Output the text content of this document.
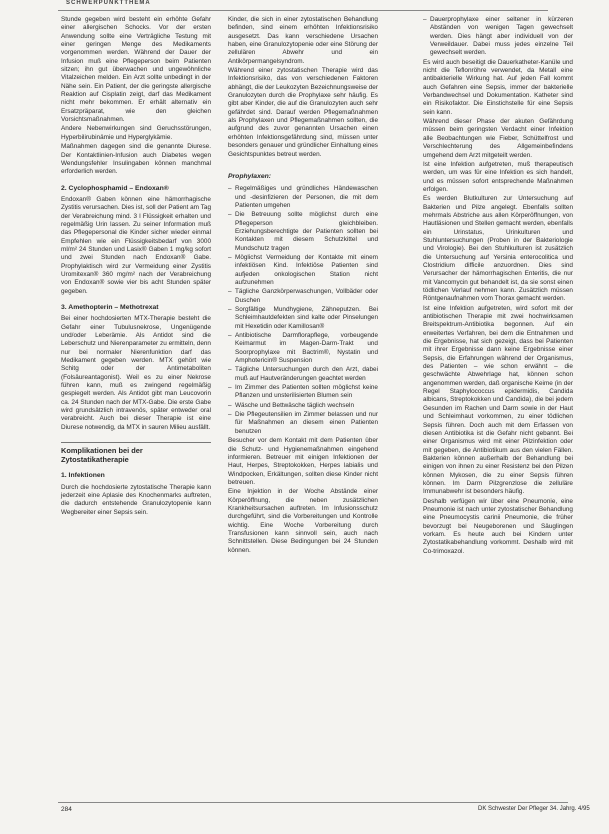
SCHWERPUNKTTHEMA

Stunde gegeben wird besteht ein erhöhte Gefahr einer allergischen Schocks. Vor der ersten Anwendung sollte eine Verträgliche Testung mit einer geringen Menge des Medikaments vorgenommen werden. Während der Dauer der Infusion muß eine Pflegeperson beim Patienten sitzen; ihn gut überwachen und ungewöhnliche Vitalzeichen melden. Ein Arzt sollte unbedingt in der Nähe sein. Ein Patient, der die geringste allergische Reaktion auf Cisplatin zeigt, darf das Medikament nicht mehr bekommen. Er erhält alternativ ein Ersatzpräparat, wie den gleichen Vorsichtsmaßnahmen.

Andere Nebenwirkungen sind Geruchsstörungen, Hyperbilirubinämie und Hyperglykämie.

Maßnahmen dagegen sind die genannte Diurese. Der Kontaktlinien-Infusion auch Diabetes wegen Wendungsfehler Insulingaben können manchmal erforderlich werden.

2. Cyclophosphamid – Endoxan®

Endoxan® Gaben können eine hämorrhagische Zystitis verursachen. Dies ist, soll der Patient am Tag der Verabreichung mind. 3 l Flüssigkeit erhalten und regelmäßig Urin lassen. Zu seiner Information muß das Pflegepersonal die Kinder sicher wieder einmal Empfehlen wie ein Flüssigkeitsbedarf von 3000 ml/m² 24 Stunden und Lasix® Gaben 1 mg/kg sofort und zwei Stunden nach Endoxan® Gabe. Prophylaktisch wird zur Vermeidung einer Zystitis Uromitexan® 360 mg/m² nach der Verabreichung von Endoxan® sowie vier bis acht Stunden später gegeben.

3. Amethopterin – Methotrexat

Bei einer hochdosierten MTX-Therapie besteht die Gefahr einer Tubulusnekrose, Ungenügende und/oder Leberämie. Als Antidot sind die Leberschutz und Nierenparameter zu ermitteln, denn nur bei normaler Nierenfunktion darf das Medikament gegeben werden. MTX gehört wie Schitg oder der Antimetaboliten (Folsäureantagonist). Weil es zu einer Nekrose führen kann, muß es zwingend regelmäßig gespiegelt werden. Als Antidot gibt man Leucovorin ca. 24 Stunden nach der MTX-Gabe. Die erste Gabe wird grundsätzlich intravenös, später entweder oral verabreicht. Auch bei dieser Therapie ist eine Diurese notwendig, da MTX in sauren Milieu ausfällt.

Komplikationen bei der Zytostatikatherapie
1. Infektionen

Durch die hochdosierte zytostatische Therapie kann jederzeit eine Aplasie des Knochenmarks auftreten, die dadurch entstehende Granulozytopenie kann Wegbereiter einer Sepsis sein.

Kinder, die sich in einer zytostatischen Behandlung befinden, sind einem erhöhten Infektionsrisiko ausgesetzt. Das kann verschiedene Ursachen haben, eine Granulozytopenie oder eine Störung der zellulären Abwehr und ein Antikörpermangelsyndrom.

Während einer zytostatischen Therapie wird das Infektionsrisiko, das von verschiedenen Faktoren abhängt, die der Leukozyten Bezeichnungsweise der Granulozyten durch die Prophylaxe sehr häufig. Es gibt aber Kinder, die auf die Granulozyten auch sehr gefährdet sind. Darauf werden Pflegemaßnahmen als Prophylaxen und Pflegemaßnahmen sollten, die aufgrund des zuvor genannten Ursachen einen erhöhten Infektionsgefährdung sind, müssen unter besonders genauer und gründlicher Einhaltung eines Gesichtspunktes betreut werden.

Prophylaxen:

– Regelmäßiges und gründliches Händewaschen und -desinfizieren der Personen, die mit dem Patienten umgehen

– Die Betreuung sollte möglichst durch eine Pflegeperson gleichbleiben. Erziehungsberechtigte der Patienten sollten bei Kontakten mit diesem Schutzkittel und Mundschutz tragen

– Möglichst Vermeidung der Kontakte mit einem infektiösen Kind. Infektiöse Patienten sind aufjeden onkologischen Station nicht aufzunehmen

– Tägliche Ganzkörperwaschungen, Vollbäder oder Duschen

– Sorgfältige Mundhygiene, Zähneputzen. Bei Schleimhautdefekten sind kalte oder Pinselungen mit Hexetidin oder Kamillosan®

– Antibiotische Darmflorapflege, vorbeugende Keimarmut im Magen-Darm-Trakt und Soorprophylaxe mit Bactrim®, Nystatin und Amphotericin® Suspension

– Tägliche Untersuchungen durch den Arzt, dabei muß auf Hautveränderungen geachtet werden

– Im Zimmer des Patienten sollten möglichst keine Pflanzen und unsterilisierten Blumen sein

– Wäsche und Bettwäsche täglich wechseln

– Die Pflegeutensilien im Zimmer belassen und nur für Maßnahmen an diesem einen Patienten benutzen

Besucher vor dem Kontakt mit dem Patienten über die Schutz- und Hygienemaßnahmen eingehend informieren. Betreuer mit einigen Infektionen der Haut, Herpes, Streptokokken, Herpes labialis und Windpocken, Erkältungen, sollten diese Kinder nicht betreuen.

Eine Injektion in der Woche Abstände einer Körperöffnung, die neben zusätzlichen Krankheitsursachen auftreten. Im Infusionsschutz durchgeführt, sind die Vorbereitungen und Kontrolle wichtig. Eine Woche Vorbereitung durch Transfusionen kann sinnvoll sein, auch nach Schnittstellen. Diese Bedingungen bei 24 Stunden können.

– Dauerprophylaxe einer seltener in kürzeren Abständen von wenigen Tagen gewechselt werden. Dies hängt aber individuell von der Verweildauer. Dabei muss jedes einzelne Teil gewechselt werden.

Es wird auch beseitigt die Dauerkatheter-Kanüle und nicht die Teflonröhre verwendet, da Metall eine antibakterielle Wirkung hat. Auf jeden Fall kommt auch Gefahren eine Sepsis, immer der bakterielle Verbandwechsel und Dokumentation. Katheter sind ein Risikofaktor. Die Einstichstelle für eine Sepsis sein kann.

Während dieser Phase der akuten Gefährdung müssen beim geringsten Verdacht einer Infektion alle Beobachtungen wie Fieber, Schüttelfrost und Verschlechterung des Allgemeinbefindens umgehend dem Arzt mitgeteilt werden.

Ist eine Infektion aufgetreten, muß therapeutisch werden, um was für eine Infektion es sich handelt, und es müssen sofort entsprechende Maßnahmen erfolgen.

Es werden Blutkulturen zur Untersuchung auf Bakterien und Pilze angelegt. Ebenfalls sollten mehrmals Abstriche aus allen Körperöffnungen, von Hautläsionen und Stellen gemacht werden, ebenfalls ein Urinstatus, Urinkulturen und Stuhluntersuchungen (Proben in der Bakteriologie und Virologie). Bei den Stuhlkulturen ist zusätzlich die Untersuchung auf Yersinia enterocolitica und Clostridium difficile anzuordnen. Dies sind Verursacher der hämorrhagischen Enteritis, die nur mit Vancomycin gut behandelt ist, da sie sonst einen tödlichen Verlauf nehmen kann. Zusätzlich müssen Röntgenaufnahmen vom Thorax gemacht werden.

Ist eine Infektion aufgetreten, wird sofort mit der antibiotischen Therapie mit zwei hochwirksamen Breitspektrum-Antibiotika begonnen. Auf ein erweitertes Verfahren, bei dem die Entnahmen und die Ergebnisse, hat sich gezeigt, dass bei Patienten mit ihrer Ergebnisse dann keine Ergebnisse einer Sepsis, die Erfahrungen während der Organismus, des Patienten – wie schon erwähnt – die geschwächte Abwehrlage hat, können schon angenommen werden, daß organische Keime (in der Regel Staphylococcus epidermidis, Candida albicans, Streptokokken und Candida), die bei jedem Gesunden im Rachen und Darm sowie in der Haut und Schleimhaut vorkommen, zu einer tödlichen Sepsis führen. Doch auch mit dem Erfassen von diesen Antibiotika ist die Gefahr nicht gebannt. Bei einer Organismus wird mit einer Pilzinfektion oder mit gegeben, die Antibiotikum aus den vielen Fällen. Bakterien können außerhalb der Behandlung bei einigen von ihnen zu einer Resistenz bei den Pilzen können Mykosen, die zu einer Sepsis führen können. Im Darm Pilzgrenzlose die zelluläre Immunabwehr ist besonders häufig.

Deshalb verfügen wir über eine Pneumonie, eine Pneumonie ist nach unter zytostatischer Behandlung eine Pneumocystis carinii Pneumonie, die früher bevorzugt bei Neugeborenen und Säuglingen vorkam. Es heute auch bei Kindern unter Zytostatikabehandlung vorkommt. Deshalb wird mit Co-trimoxazol.

284	DK Schwester Der Pfleger 34. Jahrg. 4/95
